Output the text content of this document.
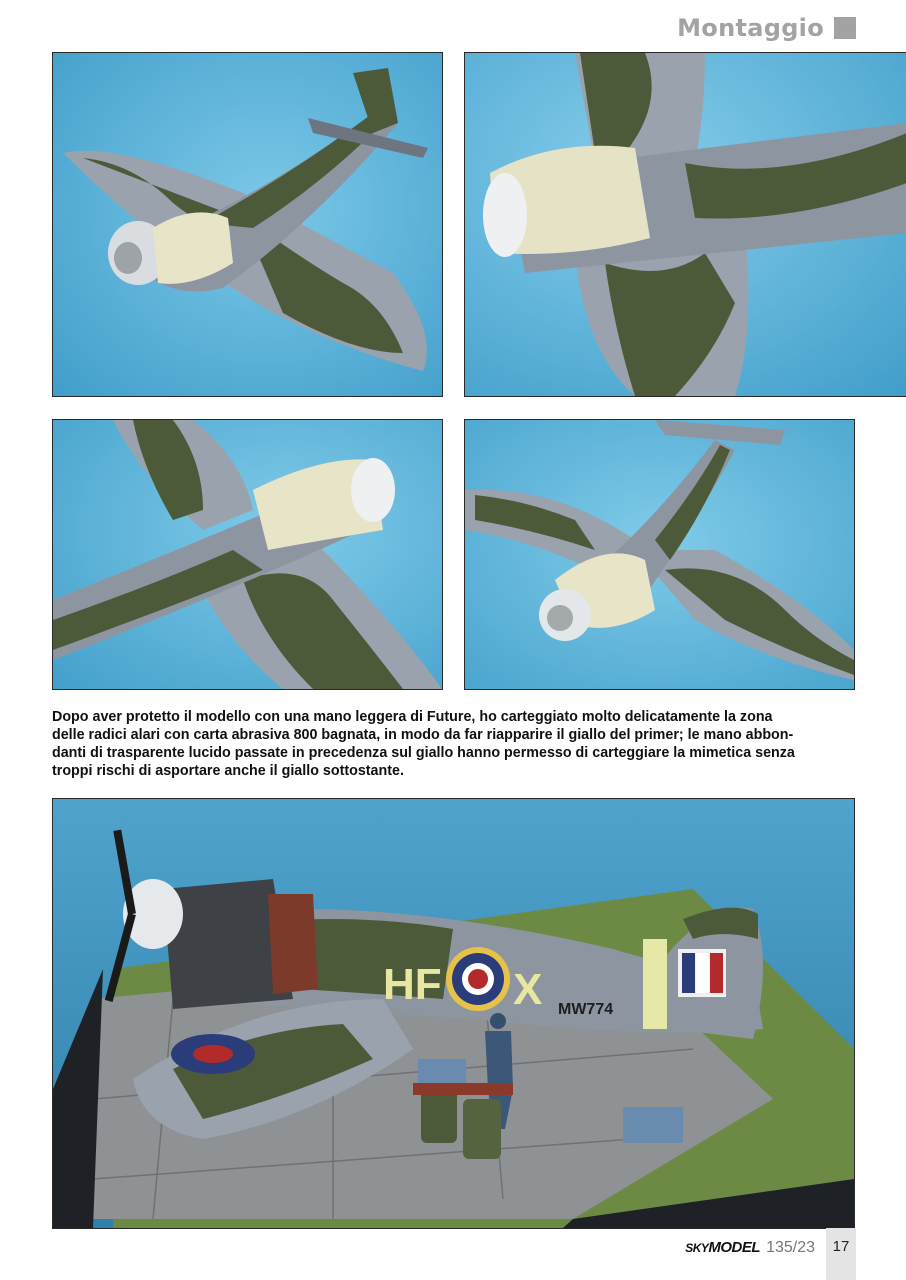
Montaggio

Dopo aver protetto il modello con una mano leggera di Future, ho carteggiato molto delicatamente la zona
delle radici alari con carta abrasiva 800 bagnata, in modo da far riapparire il giallo del primer; le mano abbon-
danti di trasparente lucido passate in precedenza sul giallo hanno permesso di carteggiare la mimetica senza
troppi rischi di asportare anche il giallo sottostante.

HF X MW774
SKYMODEL 135/23 17
